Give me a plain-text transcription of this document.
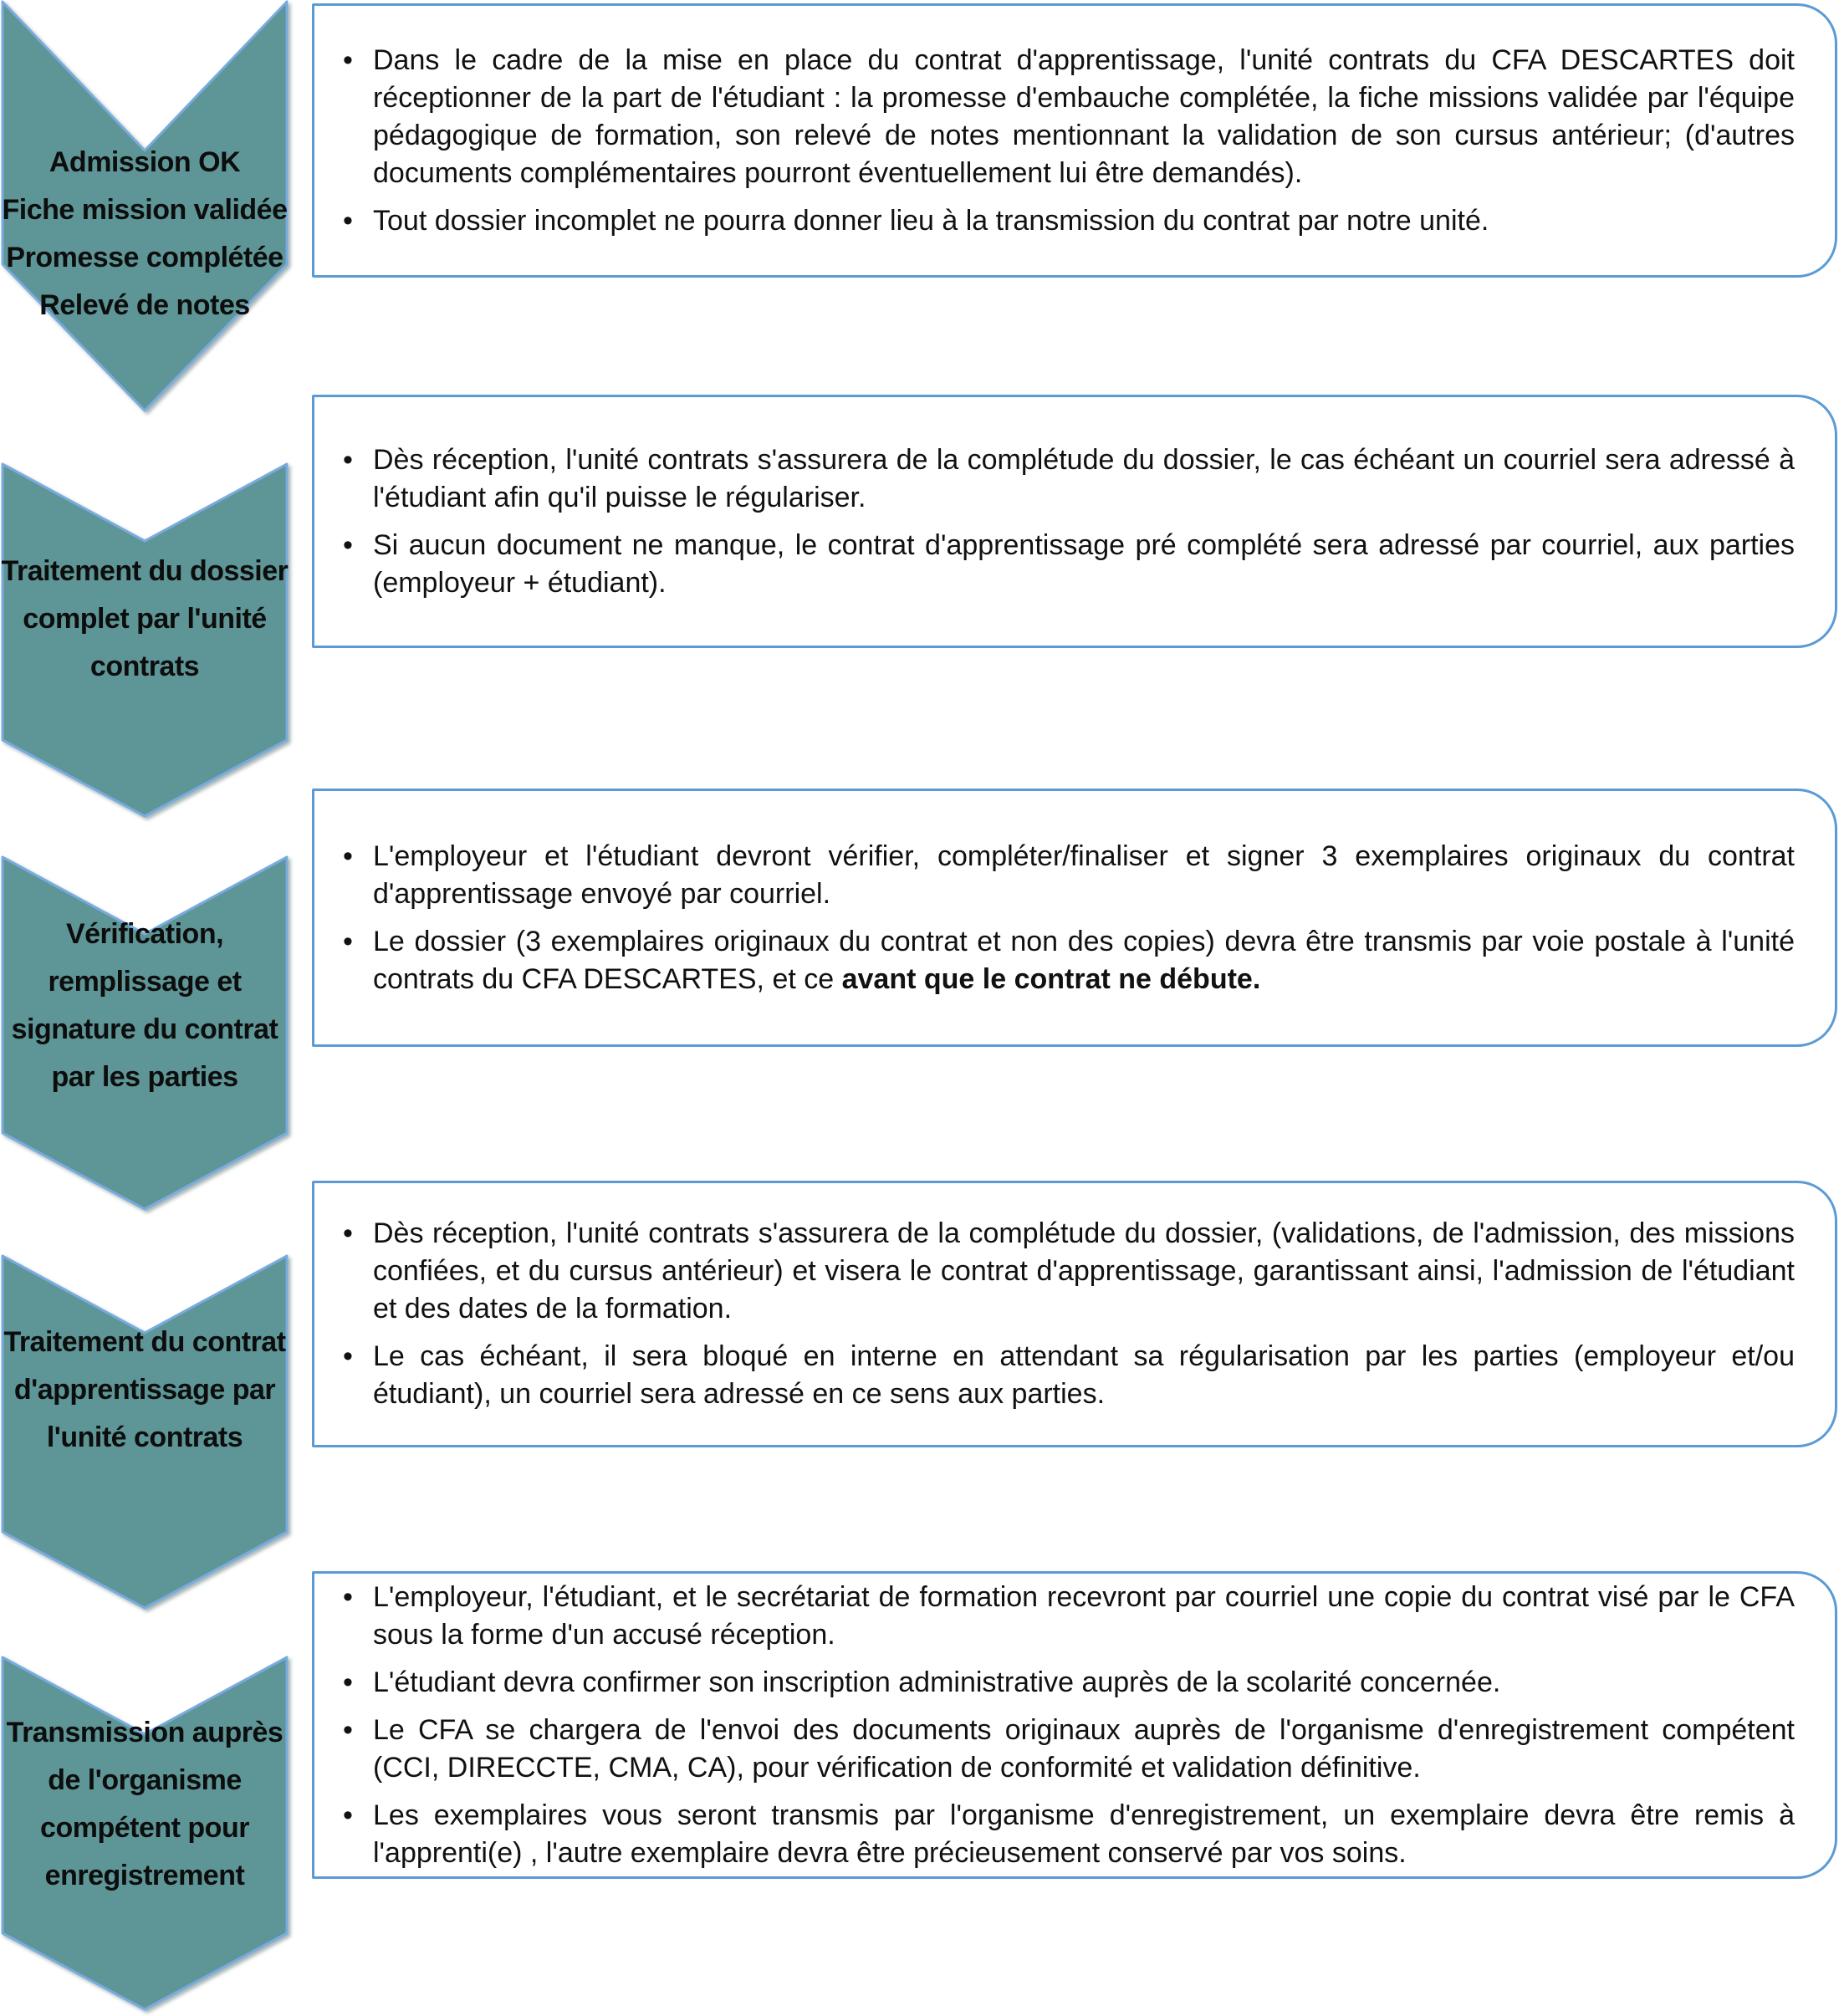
Admission OK
Fiche mission validée
Promesse complétée
Relevé de notes

• Dans le cadre de la mise en place du contrat d'apprentissage, l'unité contrats du CFA DESCARTES doit réceptionner de la part de l'étudiant : la promesse d'embauche complétée, la fiche missions validée par l'équipe pédagogique de formation, son relevé de notes mentionnant la validation de son cursus antérieur; (d'autres documents complémentaires pourront éventuellement lui être demandés).

• Tout dossier incomplet ne pourra donner lieu à la transmission du contrat par notre unité.

Traitement du dossier
complet par l'unité
contrats

• Dès réception, l'unité contrats s'assurera de la complétude du dossier, le cas échéant un courriel sera adressé à l'étudiant afin qu'il puisse le régulariser.

• Si aucun document ne manque, le contrat d'apprentissage pré complété sera adressé par courriel, aux parties (employeur + étudiant).

Vérification,
remplissage et
signature du contrat
par les parties

• L'employeur et l'étudiant devront vérifier, compléter/finaliser et signer 3 exemplaires originaux du contrat d'apprentissage envoyé par courriel.

• Le dossier (3 exemplaires originaux du contrat et non des copies) devra être transmis par voie postale à l'unité contrats du CFA DESCARTES, et ce avant que le contrat ne débute.

Traitement du contrat
d'apprentissage par
l'unité contrats

• Dès réception, l'unité contrats s'assurera de la complétude du dossier, (validations, de l'admission, des missions confiées, et du cursus antérieur) et visera le contrat d'apprentissage, garantissant ainsi, l'admission de l'étudiant et des dates de la formation.

• Le cas échéant, il sera bloqué en interne en attendant sa régularisation par les parties (employeur et/ou étudiant), un courriel sera adressé en ce sens aux parties.

Transmission auprès
de l'organisme
compétent pour
enregistrement

• L'employeur, l'étudiant, et le secrétariat de formation recevront par courriel une copie du contrat visé par le CFA sous la forme d'un accusé réception.

• L'étudiant devra confirmer son inscription administrative auprès de la scolarité concernée.

• Le CFA se chargera de l'envoi des documents originaux auprès de l'organisme d'enregistrement compétent (CCI, DIRECCTE, CMA, CA), pour vérification de conformité et validation définitive.

• Les exemplaires vous seront transmis par l'organisme d'enregistrement, un exemplaire devra être remis à l'apprenti(e) , l'autre exemplaire devra être précieusement conservé par vos soins.
